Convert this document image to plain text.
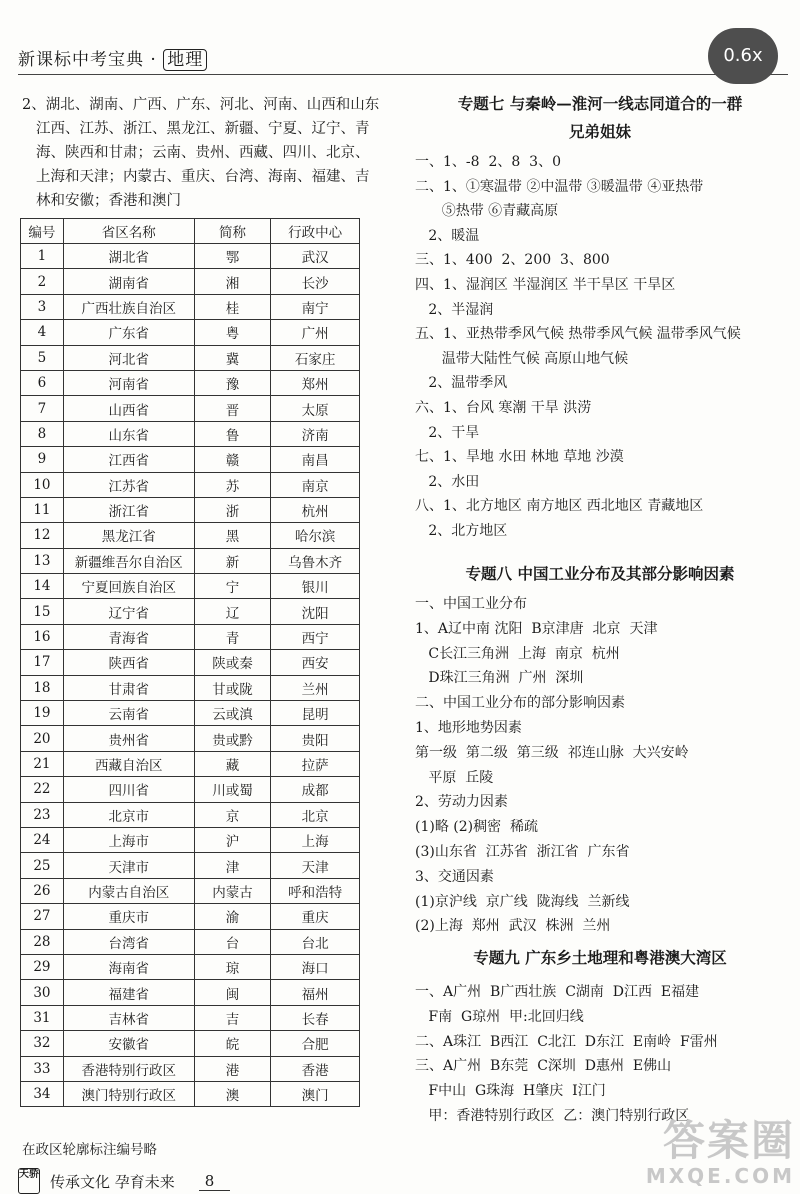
新课标中考宝典 · 地理	0.6x

2、湖北、湖南、广西、广东、河北、河南、山西和山东

江西、江苏、浙江、黑龙江、新疆、宁夏、辽宁、青

海、陕西和甘肃；云南、贵州、西藏、四川、北京、

上海和天津；内蒙古、重庆、台湾、海南、福建、吉

林和安徽；香港和澳门

编号	省区名称	简称	行政中心
1	湖北省	鄂	武汉
2	湖南省	湘	长沙
3	广西壮族自治区	桂	南宁
4	广东省	粤	广州
5	河北省	冀	石家庄
6	河南省	豫	郑州
7	山西省	晋	太原
8	山东省	鲁	济南
9	江西省	赣	南昌
10	江苏省	苏	南京
11	浙江省	浙	杭州
12	黑龙江省	黑	哈尔滨
13	新疆维吾尔自治区	新	乌鲁木齐
14	宁夏回族自治区	宁	银川
15	辽宁省	辽	沈阳
16	青海省	青	西宁
17	陕西省	陕或秦	西安
18	甘肃省	甘或陇	兰州
19	云南省	云或滇	昆明
20	贵州省	贵或黔	贵阳
21	西藏自治区	藏	拉萨
22	四川省	川或蜀	成都
23	北京市	京	北京
24	上海市	沪	上海
25	天津市	津	天津
26	内蒙古自治区	内蒙古	呼和浩特
27	重庆市	渝	重庆
28	台湾省	台	台北
29	海南省	琼	海口
30	福建省	闽	福州
31	吉林省	吉	长春
32	安徽省	皖	合肥
33	香港特别行政区	港	香港
34	澳门特别行政区	澳	澳门
在政区轮廓标注编号略
天骄 传承文化 孕育未来	8

专题七 与秦岭—淮河一线志同道合的一群

兄弟姐妹

一、1、-8  2、8  3、0

二、1、①寒温带 ②中温带 ③暖温带 ④亚热带

⑤热带 ⑥青藏高原

2、暖温

三、1、400  2、200  3、800

四、1、湿润区 半湿润区 半干旱区 干旱区

2、半湿润

五、1、亚热带季风气候 热带季风气候 温带季风气候

温带大陆性气候 高原山地气候

2、温带季风

六、1、台风 寒潮 干旱 洪涝

2、干旱

七、1、旱地 水田 林地 草地 沙漠

2、水田

八、1、北方地区 南方地区 西北地区 青藏地区

2、北方地区

专题八 中国工业分布及其部分影响因素

一、中国工业分布

1、A辽中南 沈阳  B京津唐  北京  天津

C长江三角洲  上海  南京  杭州

D珠江三角洲  广州  深圳

二、中国工业分布的部分影响因素

1、地形地势因素

第一级  第二级  第三级  祁连山脉  大兴安岭

平原  丘陵

2、劳动力因素

(1)略 (2)稠密  稀疏

(3)山东省  江苏省  浙江省  广东省

3、交通因素

(1)京沪线  京广线  陇海线  兰新线

(2)上海  郑州  武汉  株洲  兰州

专题九 广东乡土地理和粤港澳大湾区

一、A广州  B广西壮族  C湖南  D江西  E福建

F南  G琼州  甲:北回归线

二、A珠江  B西江  C北江  D东江  E南岭  F雷州

三、A广州  B东莞  C深圳  D惠州  E佛山

F中山  G珠海  H肇庆  I江门

甲：香港特别行政区  乙：澳门特别行政区

答案圈
MXQE.COM
